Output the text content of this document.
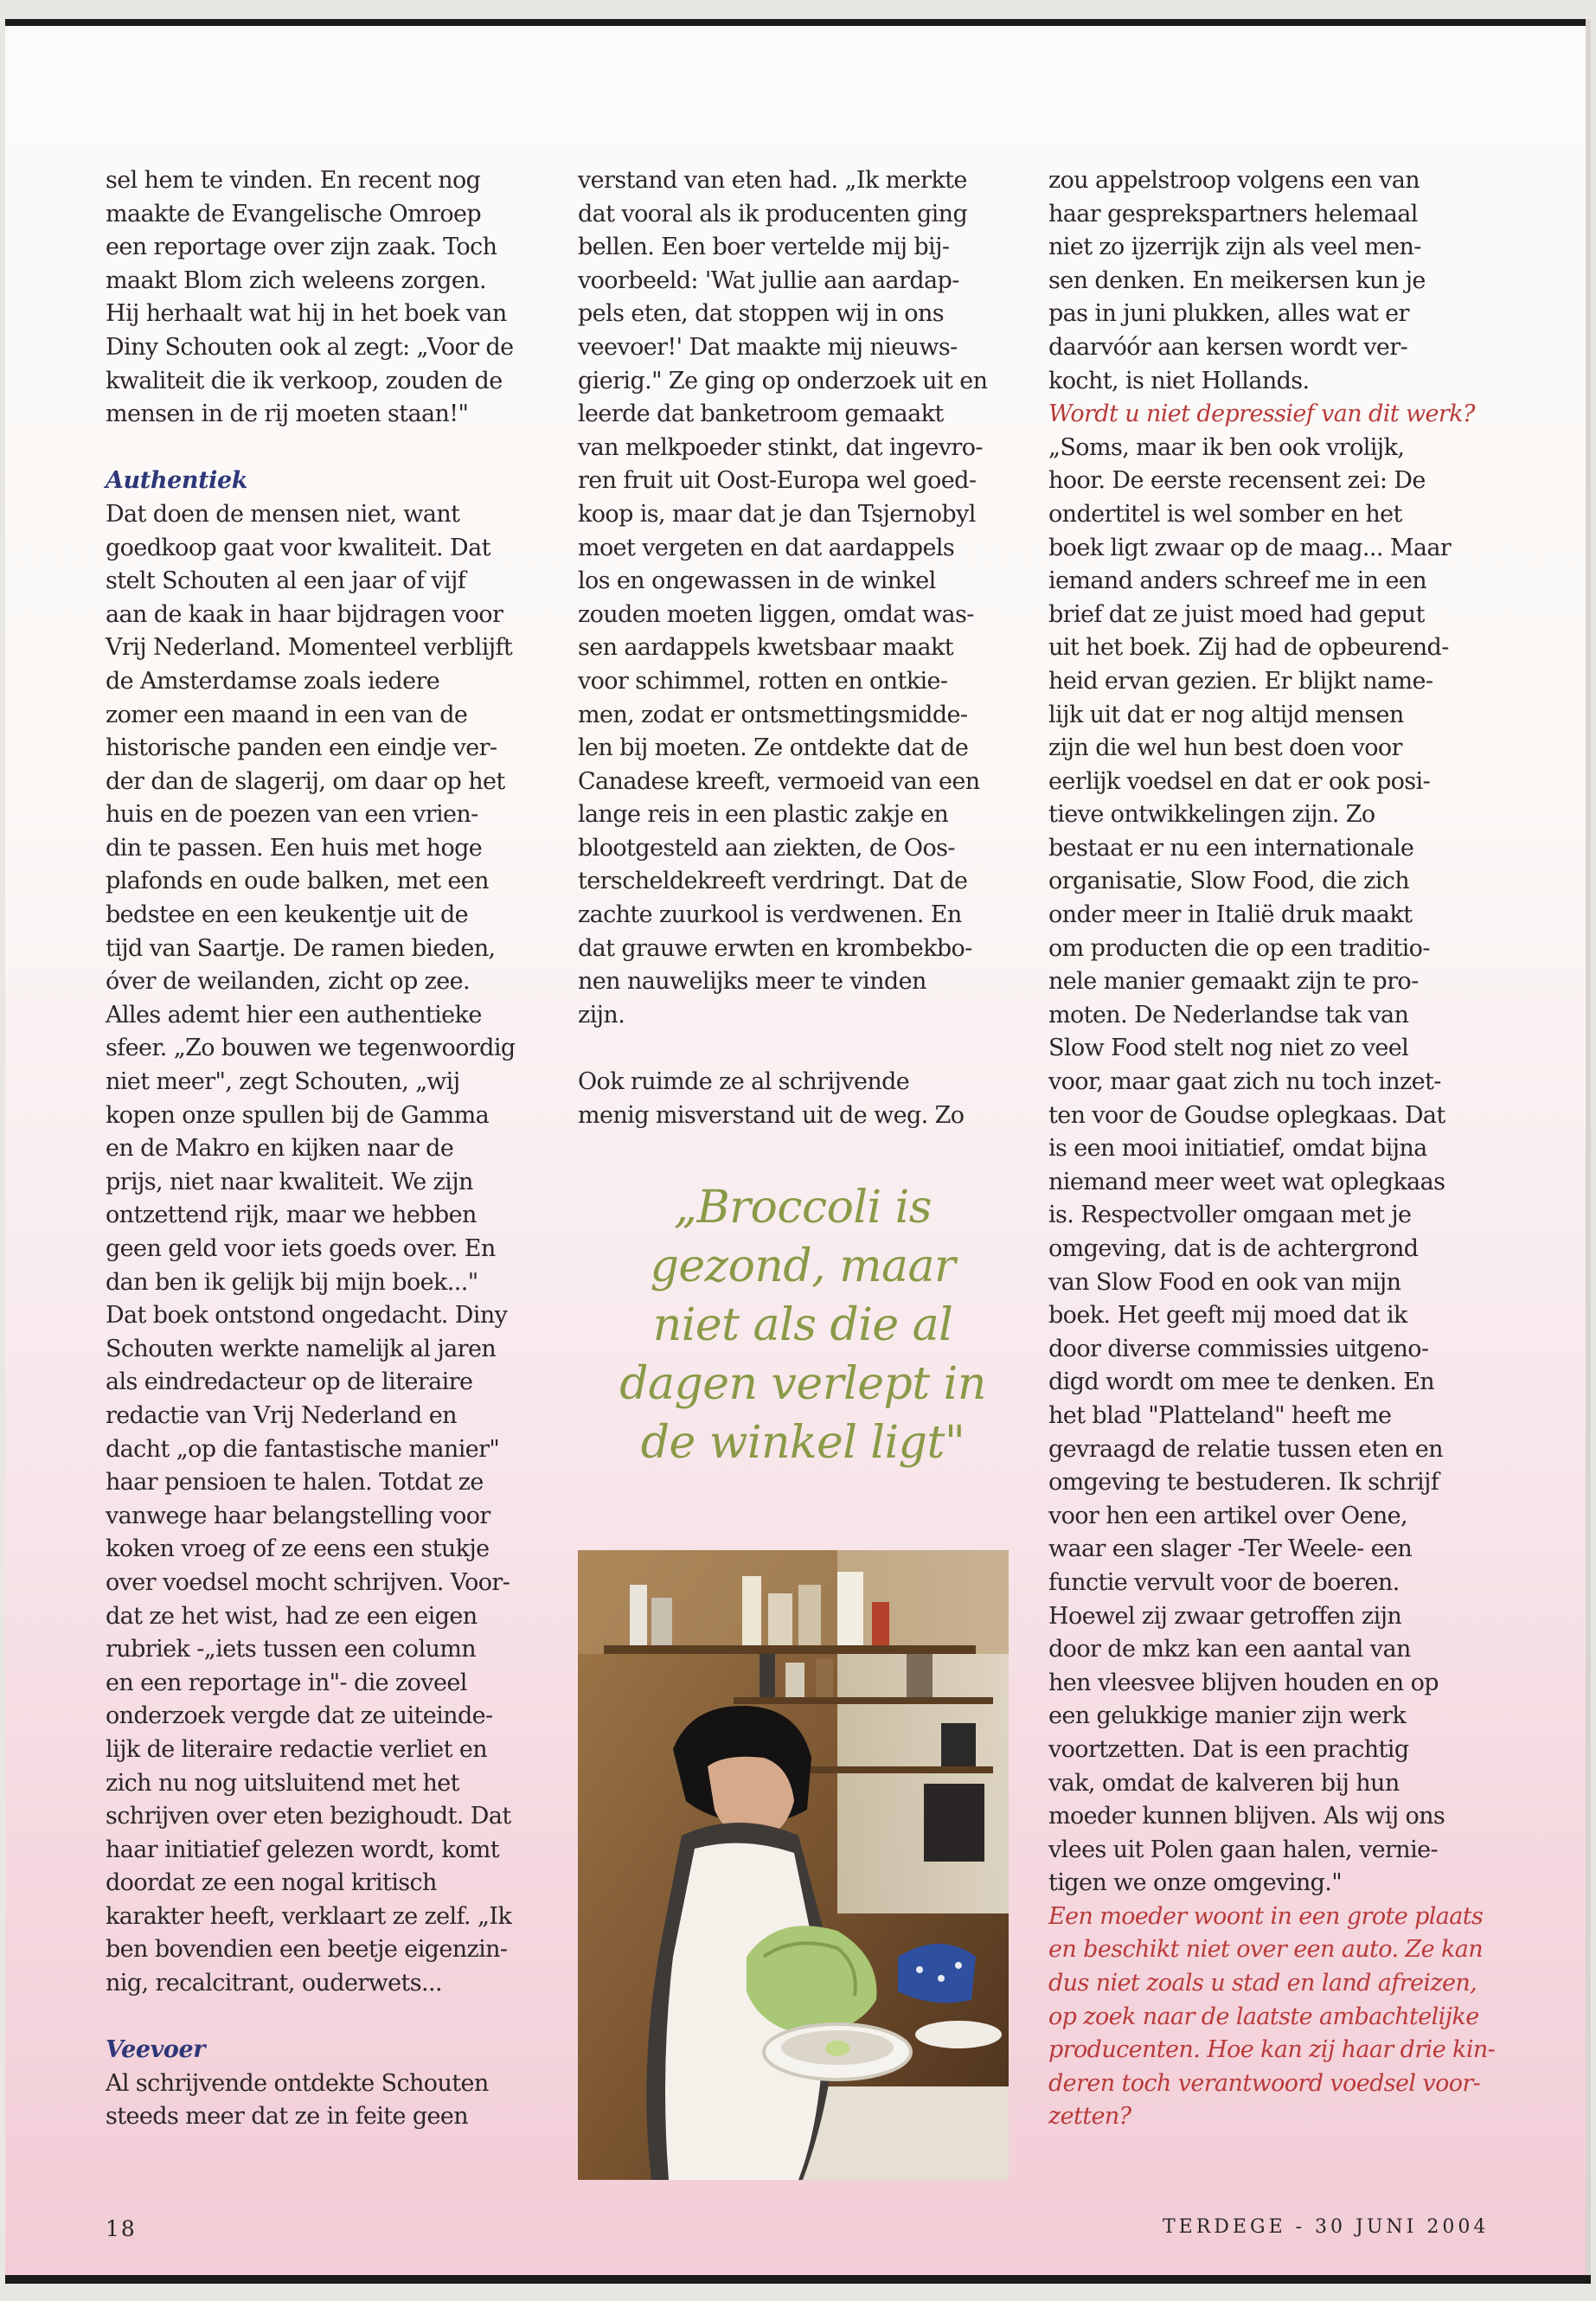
sel hem te vinden. En recent nog

maakte de Evangelische Omroep

een reportage over zijn zaak. Toch

maakt Blom zich weleens zorgen.

Hij herhaalt wat hij in het boek van

Diny Schouten ook al zegt: „Voor de

kwaliteit die ik verkoop, zouden de

mensen in de rij moeten staan!"

Authentiek

Dat doen de mensen niet, want

goedkoop gaat voor kwaliteit. Dat

stelt Schouten al een jaar of vijf

aan de kaak in haar bijdragen voor

Vrij Nederland. Momenteel verblijft

de Amsterdamse zoals iedere

zomer een maand in een van de

historische panden een eindje ver-

der dan de slagerij, om daar op het

huis en de poezen van een vrien-

din te passen. Een huis met hoge

plafonds en oude balken, met een

bedstee en een keukentje uit de

tijd van Saartje. De ramen bieden,

óver de weilanden, zicht op zee.

Alles ademt hier een authentieke

sfeer. „Zo bouwen we tegenwoordig

niet meer", zegt Schouten, „wij

kopen onze spullen bij de Gamma

en de Makro en kijken naar de

prijs, niet naar kwaliteit. We zijn

ontzettend rijk, maar we hebben

geen geld voor iets goeds over. En

dan ben ik gelijk bij mijn boek..."

Dat boek ontstond ongedacht. Diny

Schouten werkte namelijk al jaren

als eindredacteur op de literaire

redactie van Vrij Nederland en

dacht „op die fantastische manier"

haar pensioen te halen. Totdat ze

vanwege haar belangstelling voor

koken vroeg of ze eens een stukje

over voedsel mocht schrijven. Voor-

dat ze het wist, had ze een eigen

rubriek -„iets tussen een column

en een reportage in"- die zoveel

onderzoek vergde dat ze uiteinde-

lijk de literaire redactie verliet en

zich nu nog uitsluitend met het

schrijven over eten bezighoudt. Dat

haar initiatief gelezen wordt, komt

doordat ze een nogal kritisch

karakter heeft, verklaart ze zelf. „Ik

ben bovendien een beetje eigenzin-

nig, recalcitrant, ouderwets...

Veevoer

Al schrijvende ontdekte Schouten

steeds meer dat ze in feite geen

verstand van eten had. „Ik merkte

dat vooral als ik producenten ging

bellen. Een boer vertelde mij bij-

voorbeeld: 'Wat jullie aan aardap-

pels eten, dat stoppen wij in ons

veevoer!' Dat maakte mij nieuws-

gierig." Ze ging op onderzoek uit en

leerde dat banketroom gemaakt

van melkpoeder stinkt, dat ingevro-

ren fruit uit Oost-Europa wel goed-

koop is, maar dat je dan Tsjernobyl

moet vergeten en dat aardappels

los en ongewassen in de winkel

zouden moeten liggen, omdat was-

sen aardappels kwetsbaar maakt

voor schimmel, rotten en ontkie-

men, zodat er ontsmettingsmidde-

len bij moeten. Ze ontdekte dat de

Canadese kreeft, vermoeid van een

lange reis in een plastic zakje en

blootgesteld aan ziekten, de Oos-

terscheldekreeft verdringt. Dat de

zachte zuurkool is verdwenen. En

dat grauwe erwten en krombekbo-

nen nauwelijks meer te vinden

zijn.

Ook ruimde ze al schrijvende

menig misverstand uit de weg. Zo

„Broccoli is

gezond, maar

niet als die al

dagen verlept in

de winkel ligt"

zou appelstroop volgens een van

haar gesprekspartners helemaal

niet zo ijzerrijk zijn als veel men-

sen denken. En meikersen kun je

pas in juni plukken, alles wat er

daarvóór aan kersen wordt ver-

kocht, is niet Hollands.

Wordt u niet depressief van dit werk?

„Soms, maar ik ben ook vrolijk,

hoor. De eerste recensent zei: De

ondertitel is wel somber en het

boek ligt zwaar op de maag... Maar

iemand anders schreef me in een

brief dat ze juist moed had geput

uit het boek. Zij had de opbeurend-

heid ervan gezien. Er blijkt name-

lijk uit dat er nog altijd mensen

zijn die wel hun best doen voor

eerlijk voedsel en dat er ook posi-

tieve ontwikkelingen zijn. Zo

bestaat er nu een internationale

organisatie, Slow Food, die zich

onder meer in Italië druk maakt

om producten die op een traditio-

nele manier gemaakt zijn te pro-

moten. De Nederlandse tak van

Slow Food stelt nog niet zo veel

voor, maar gaat zich nu toch inzet-

ten voor de Goudse oplegkaas. Dat

is een mooi initiatief, omdat bijna

niemand meer weet wat oplegkaas

is. Respectvoller omgaan met je

omgeving, dat is de achtergrond

van Slow Food en ook van mijn

boek. Het geeft mij moed dat ik

door diverse commissies uitgeno-

digd wordt om mee te denken. En

het blad "Platteland" heeft me

gevraagd de relatie tussen eten en

omgeving te bestuderen. Ik schrijf

voor hen een artikel over Oene,

waar een slager -Ter Weele- een

functie vervult voor de boeren.

Hoewel zij zwaar getroffen zijn

door de mkz kan een aantal van

hen vleesvee blijven houden en op

een gelukkige manier zijn werk

voortzetten. Dat is een prachtig

vak, omdat de kalveren bij hun

moeder kunnen blijven. Als wij ons

vlees uit Polen gaan halen, vernie-

tigen we onze omgeving."

Een moeder woont in een grote plaats

en beschikt niet over een auto. Ze kan

dus niet zoals u stad en land afreizen,

op zoek naar de laatste ambachtelijke

producenten. Hoe kan zij haar drie kin-

deren toch verantwoord voedsel voor-

zetten?

18	TERDEGE - 30 JUNI 2004
